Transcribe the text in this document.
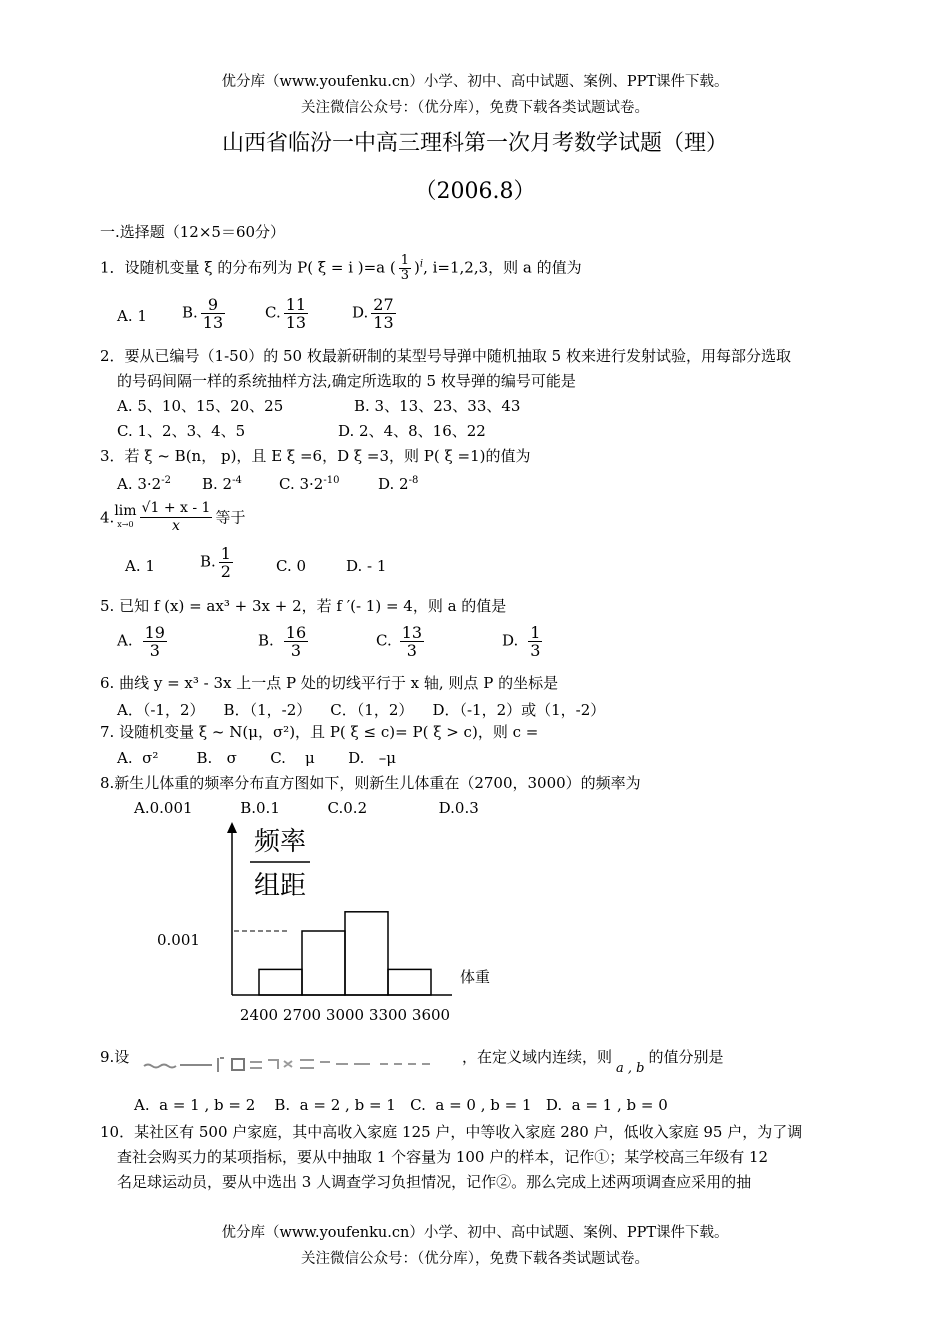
优分库（www.youfenku.cn）小学、初中、高中试题、案例、PPT课件下载。
关注微信公众号：（优分库），免费下载各类试题试卷。
山西省临汾一中高三理科第一次月考数学试题（理）
（2006.8）
一.选择题（12×5＝60分）
1．设随机变量 ξ 的分布列为 P( ξ = i )=a ( $\frac{1}{3} )^i$, i=1,2,3，则 a 的值为
A. 1 B. $\frac{9}{13}$	C. $\frac{11}{13}$	D. $\frac{27}{13}$
2．要从已编号（1-50）的 50 枚最新研制的某型号导弹中随机抽取 5 枚来进行发射试验，用每部分选取
的号码间隔一样的系统抽样方法,确定所选取的 5 枚导弹的编号可能是
A. 5、10、15、20、25	B. 3、13、23、33、43
C. 1、2、3、4、5	D. 2、4、8、16、22
3．若 ξ ~ B(n， p)，且 E ξ =6，D ξ =3，则 P( ξ =1)的值为
A. $3\cdot 2^{-2}$ B. $2^{-4}$ C. $3\cdot 2^{-10}$	D. $2^{-8}$
4. lim
$x\to 0 \frac{√1 + x - 1}{x}$ 等于
A. 1	B. $\frac{1}{2}$	C. 0	D. - 1
5. 已知 f (x) = ax³ + 3x + 2，若 f ′(- 1) = 4，则 a 的值是
A. $\frac{19}{3}$	B. $\frac{16}{3}$	C. $\frac{13}{3}$	D. $\frac{1}{3}$
6. 曲线 y = x³ - 3x 上一点 P 处的切线平行于 x 轴, 则点 P 的坐标是
A．（-1，2）    B．（1，-2）    C．（1，2）    D．（-1，2）或（1，-2）
7. 设随机变量 ξ ~ N(μ，σ²)，且 P( ξ ≤ c)= P( ξ > c)，则 c =
A.  σ²        B.   σ       C.    μ       D.   –μ
8.新生儿体重的频率分布直方图如下，则新生儿体重在（2700，3000）的频率为
A.0.001          B.0.1          C.0.2               D.0.3
频率
组距
0.001
体重
2400 2700 3000 3300 3600
9.设	，在定义域内连续，则a , b的值分别是
A.  a = 1 , b = 2    B.  a = 2 , b = 1   C.  a = 0 , b = 1   D.  a = 1 , b = 0
10．某社区有 500 户家庭，其中高收入家庭 125 户，中等收入家庭 280 户，低收入家庭 95 户，为了调
查社会购买力的某项指标，要从中抽取 1 个容量为 100 户的样本，记作①；某学校高三年级有 12
名足球运动员，要从中选出 3 人调查学习负担情况，记作②。那么完成上述两项调查应采用的抽
优分库（www.youfenku.cn）小学、初中、高中试题、案例、PPT课件下载。
关注微信公众号：（优分库），免费下载各类试题试卷。
